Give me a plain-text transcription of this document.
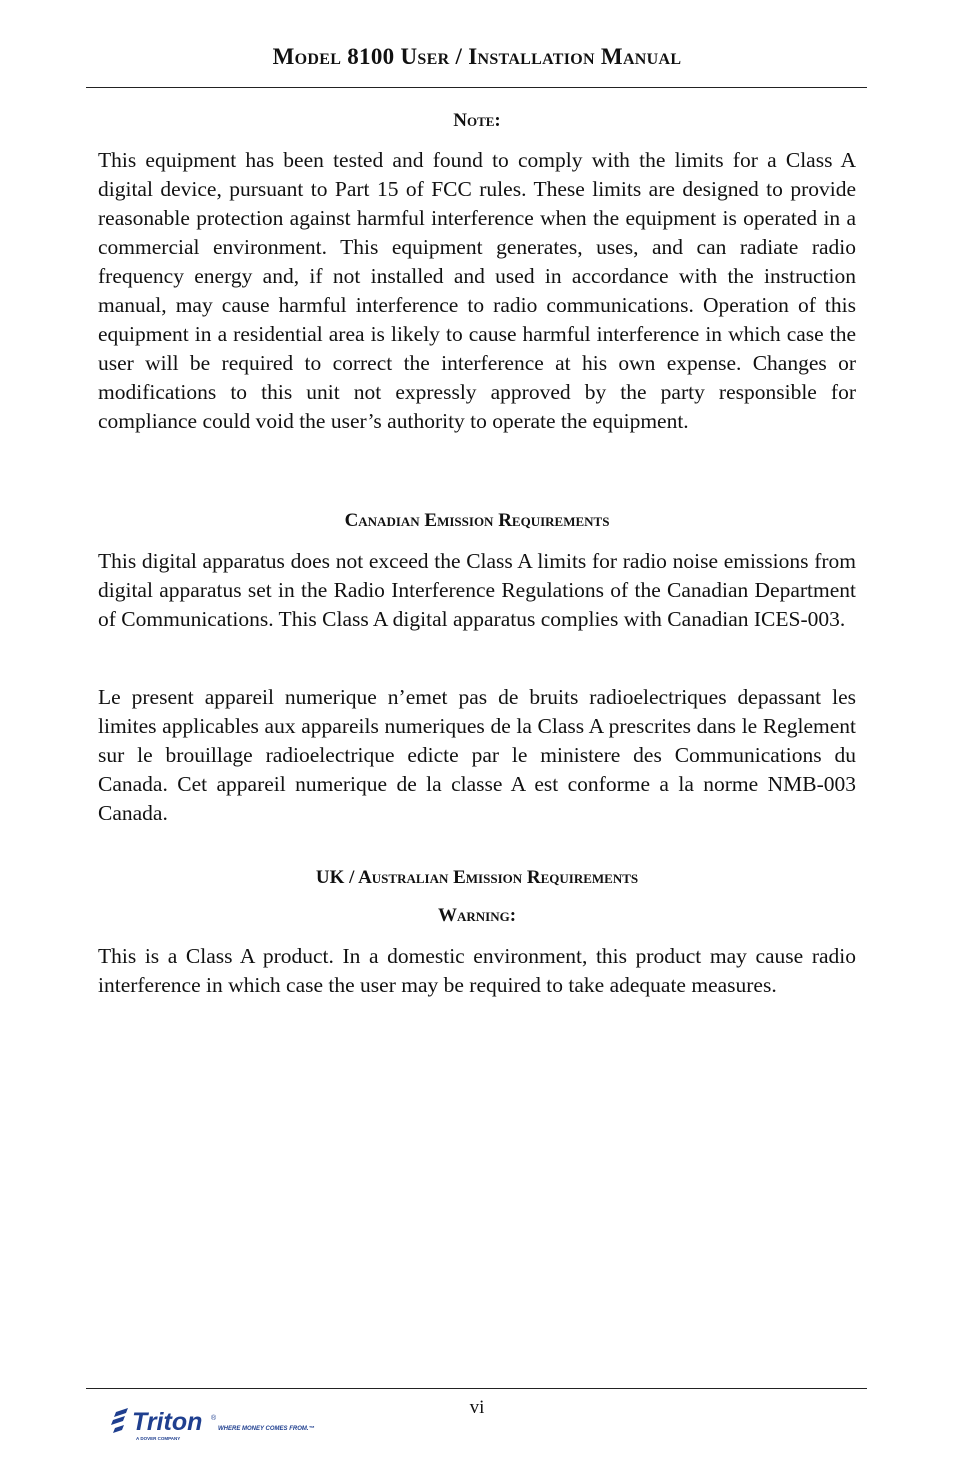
Model 8100 User / Installation Manual
Note:
This equipment has been tested and found to comply with the limits for a Class A digital device, pursuant to Part 15 of FCC rules. These limits are designed to provide reasonable protection against harmful interference when the equipment is operated in a commercial environment. This equipment generates, uses, and can radiate radio frequency energy and, if not installed and used in accordance with the instruction manual, may cause harmful interference to radio communications. Operation of this equipment in a residential area is likely to cause harmful interference in which case the user will be required to correct the interference at his own expense. Changes or modifications to this unit not expressly approved by the party responsible for compliance could void the user’s authority to operate the equipment.
Canadian Emission Requirements
This digital apparatus does not exceed the Class A limits for radio noise emissions from digital apparatus set in the Radio Interference Regulations of the Canadian Department of Communications. This Class A digital apparatus complies with Canadian ICES-003.
Le present appareil numerique n’emet pas de bruits radioelectriques depassant les limites applicables aux appareils numeriques de la Class A prescrites dans le Reglement sur le brouillage radioelectrique edicte par le ministere des Communications du Canada. Cet appareil numerique de la classe A est conforme a la norme NMB-003 Canada.
UK / Australian Emission Requirements
Warning:
This is a Class A product. In a domestic environment, this product may cause radio interference in which case the user may be required to take adequate measures.
vi
Triton ®
WHERE MONEY COMES FROM.™
A DOVER COMPANY
